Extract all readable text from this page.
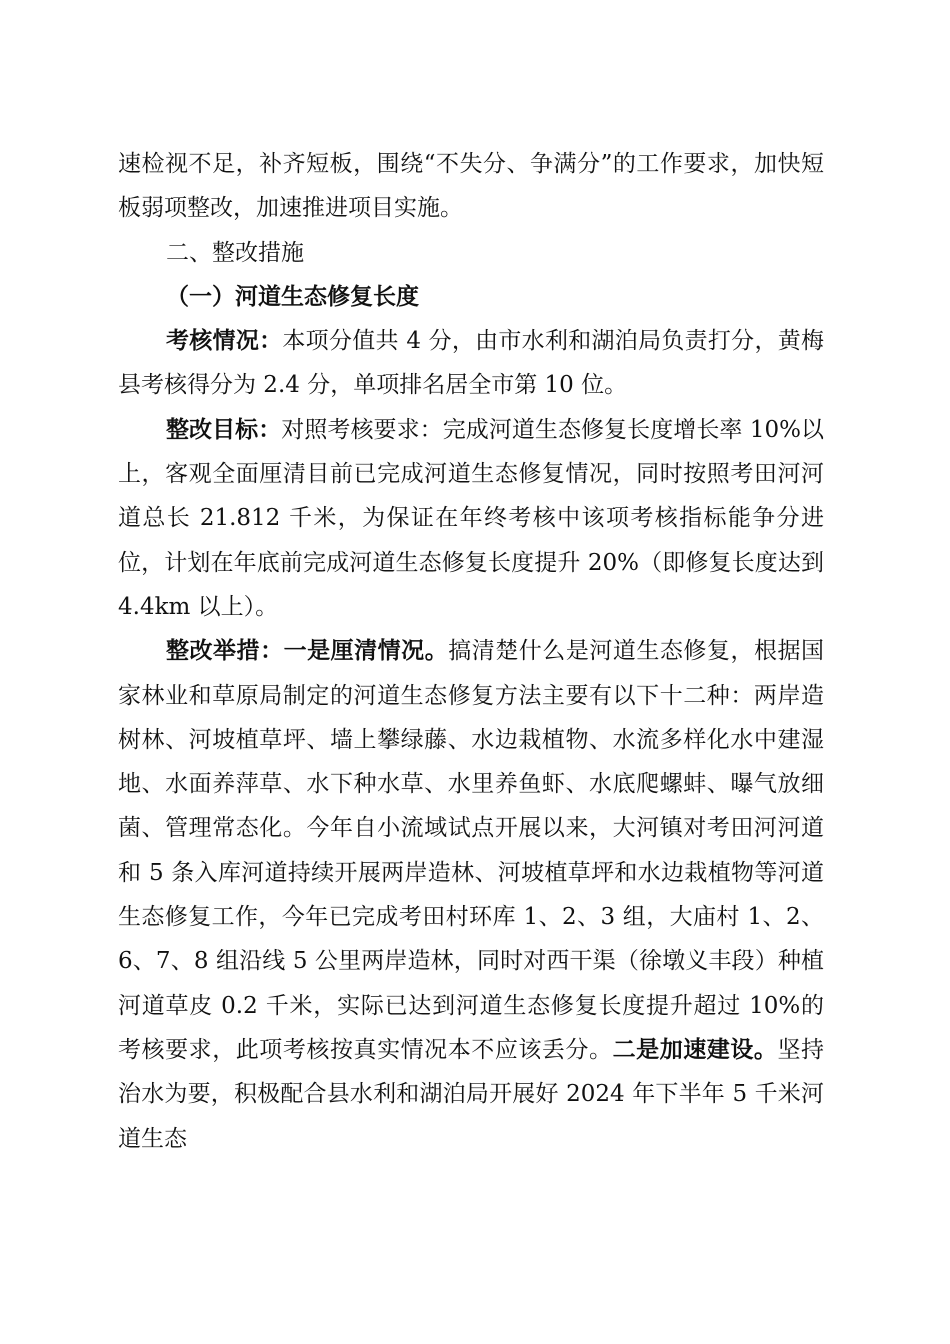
速检视不足，补齐短板，围绕“不失分、争满分”的工作要求，加快短板弱项整改，加速推进项目实施。

二、整改措施

（一）河道生态修复长度

考核情况：本项分值共 4 分，由市水利和湖泊局负责打分，黄梅县考核得分为 2.4 分，单项排名居全市第 10 位。

整改目标：对照考核要求：完成河道生态修复长度增长率 10%以上，客观全面厘清目前已完成河道生态修复情况，同时按照考田河河道总长 21.812 千米，为保证在年终考核中该项考核指标能争分进位，计划在年底前完成河道生态修复长度提升 20%（即修复长度达到 4.4km 以上）。

整改举措：一是厘清情况。搞清楚什么是河道生态修复，根据国家林业和草原局制定的河道生态修复方法主要有以下十二种：两岸造树林、河坡植草坪、墙上攀绿藤、水边栽植物、水流多样化水中建湿地、水面养萍草、水下种水草、水里养鱼虾、水底爬螺蚌、曝气放细菌、管理常态化。今年自小流域试点开展以来，大河镇对考田河河道和 5 条入库河道持续开展两岸造林、河坡植草坪和水边栽植物等河道生态修复工作，今年已完成考田村环库 1、2、3 组，大庙村 1、2、6、7、8 组沿线 5 公里两岸造林，同时对西干渠（徐墩义丰段）种植河道草皮 0.2 千米，实际已达到河道生态修复长度提升超过 10%的考核要求，此项考核按真实情况本不应该丢分。二是加速建设。坚持治水为要，积极配合县水利和湖泊局开展好 2024 年下半年 5 千米河道生态
